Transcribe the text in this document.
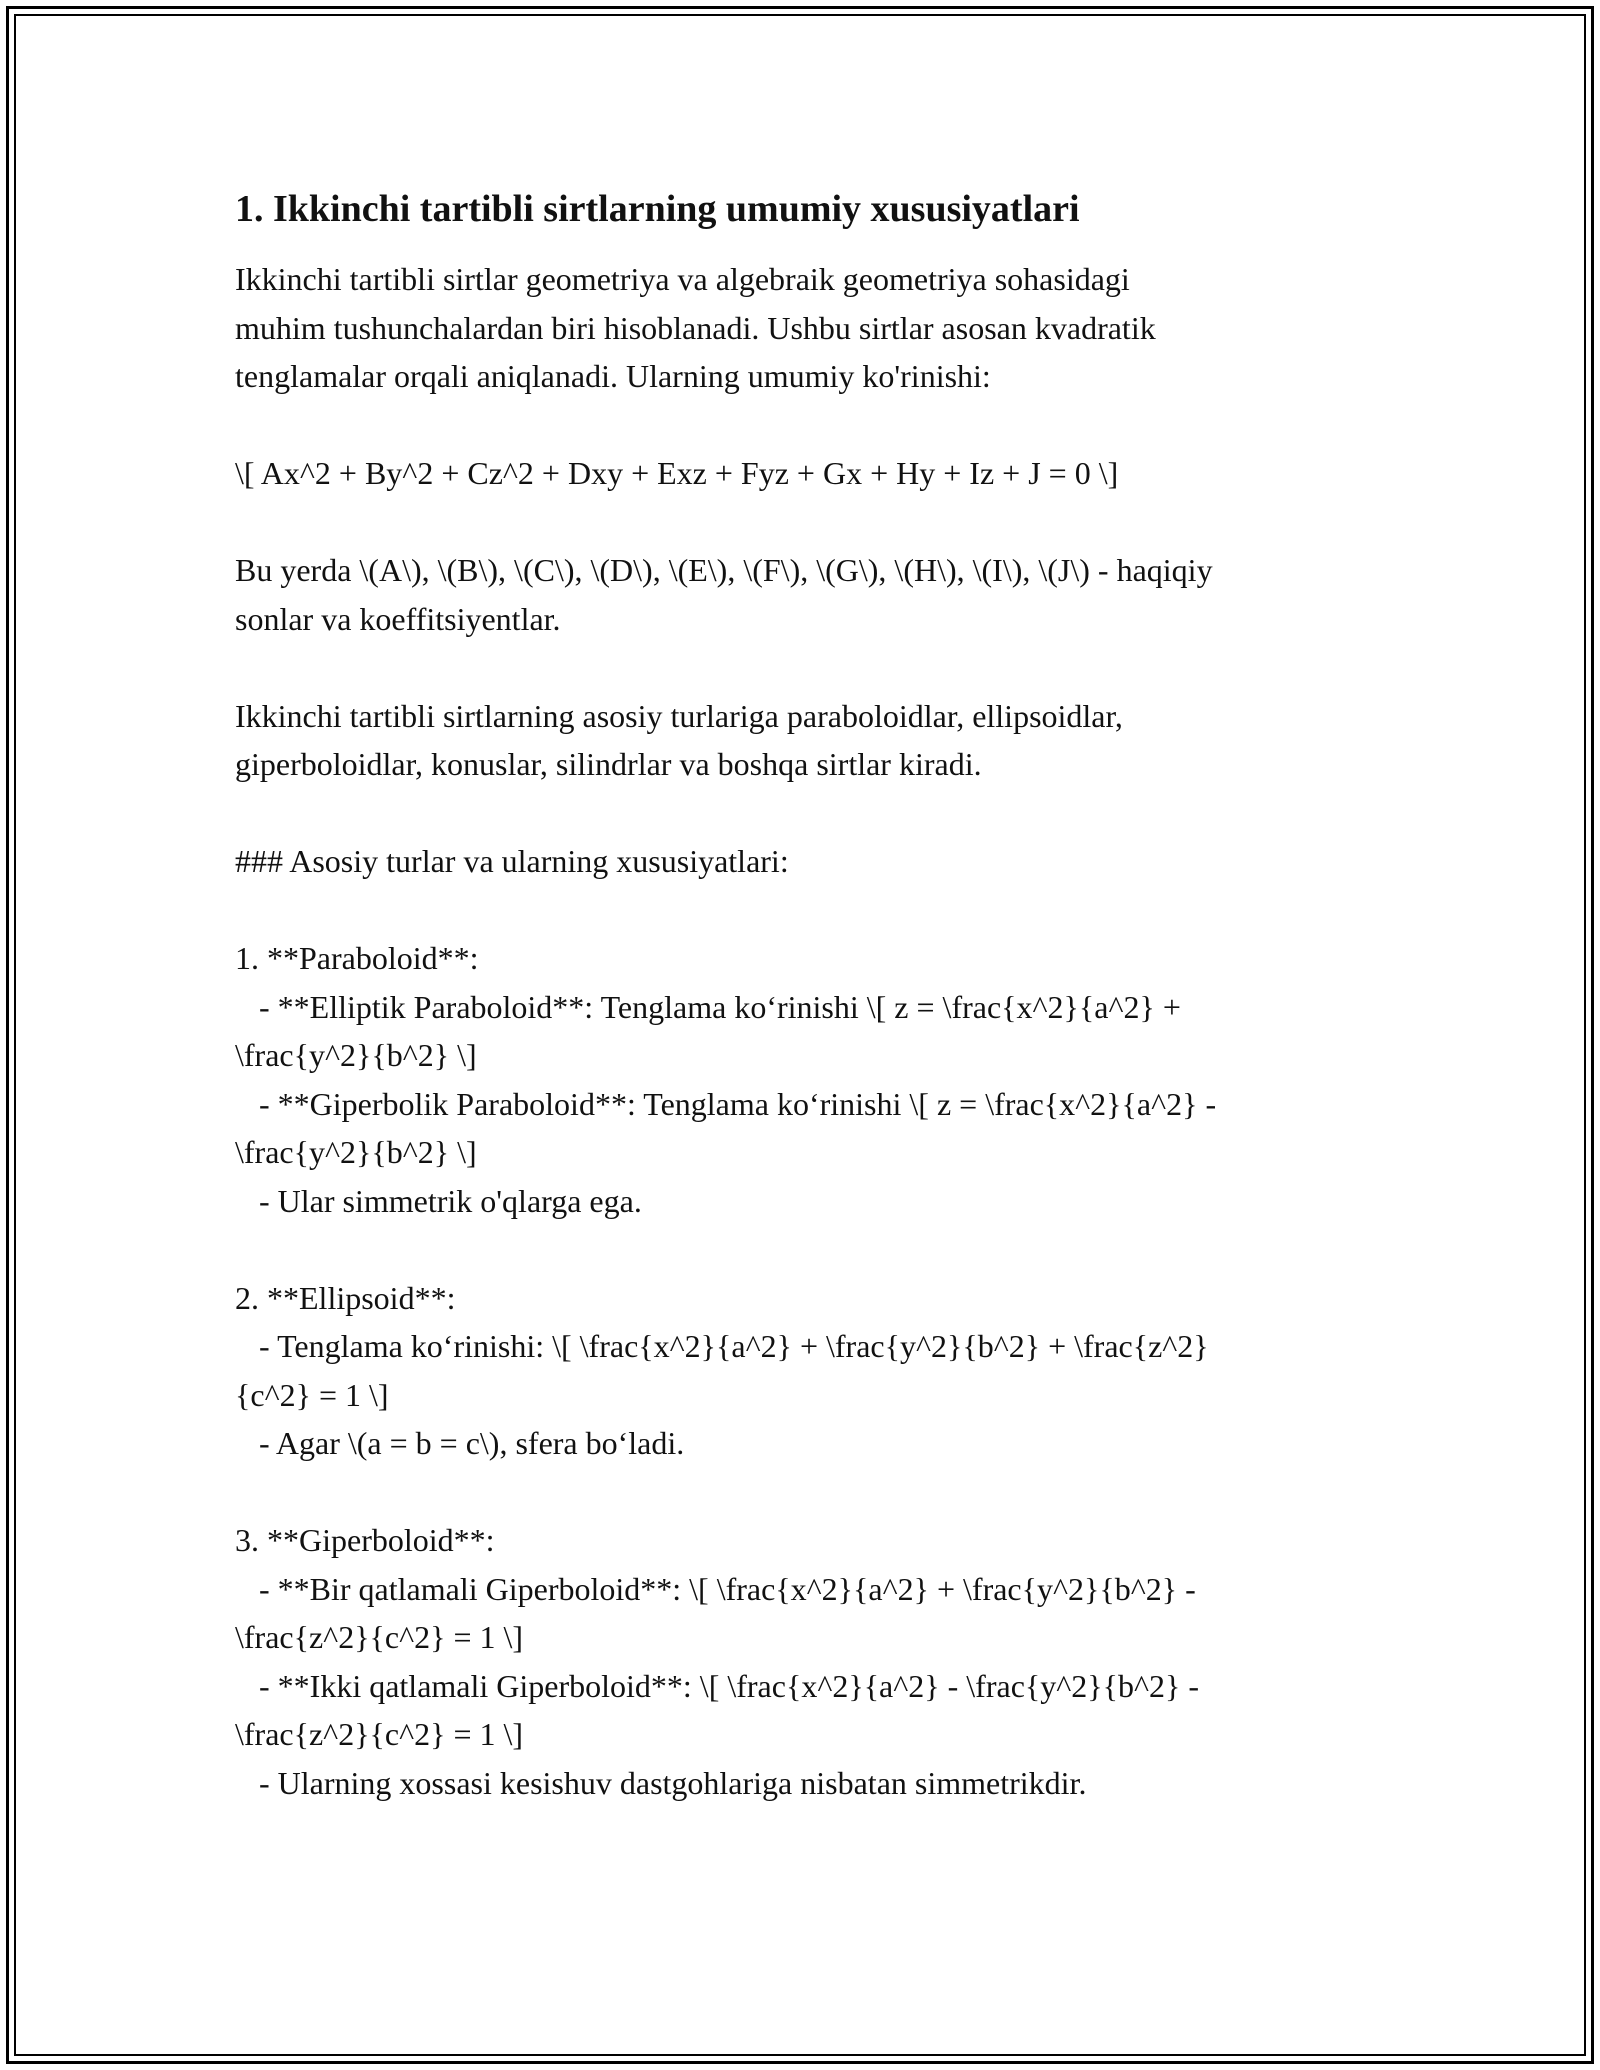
1. Ikkinchi tartibli sirtlarning umumiy xususiyatlari
Ikkinchi tartibli sirtlar geometriya va algebraik geometriya sohasidagi
muhim tushunchalardan biri hisoblanadi. Ushbu sirtlar asosan kvadratik
tenglamalar orqali aniqlanadi. Ularning umumiy ko'rinishi:

\[ Ax^2 + By^2 + Cz^2 + Dxy + Exz + Fyz + Gx + Hy + Iz + J = 0 \]

Bu yerda \(A\), \(B\), \(C\), \(D\), \(E\), \(F\), \(G\), \(H\), \(I\), \(J\) - haqiqiy
sonlar va koeffitsiyentlar.

Ikkinchi tartibli sirtlarning asosiy turlariga paraboloidlar, ellipsoidlar,
giperboloidlar, konuslar, silindrlar va boshqa sirtlar kiradi.

### Asosiy turlar va ularning xususiyatlari:

1. **Paraboloid**:
- **Elliptik Paraboloid**: Tenglama koʻrinishi \[ z = \frac{x^2}{a^2} +
\frac{y^2}{b^2} \]
- **Giperbolik Paraboloid**: Tenglama koʻrinishi \[ z = \frac{x^2}{a^2} -
\frac{y^2}{b^2} \]
- Ular simmetrik o'qlarga ega.

2. **Ellipsoid**:
- Tenglama koʻrinishi: \[ \frac{x^2}{a^2} + \frac{y^2}{b^2} + \frac{z^2}
{c^2} = 1 \]
- Agar \(a = b = c\), sfera boʻladi.

3. **Giperboloid**:
- **Bir qatlamali Giperboloid**: \[ \frac{x^2}{a^2} + \frac{y^2}{b^2} -
\frac{z^2}{c^2} = 1 \]
- **Ikki qatlamali Giperboloid**: \[ \frac{x^2}{a^2} - \frac{y^2}{b^2} -
\frac{z^2}{c^2} = 1 \]
- Ularning xossasi kesishuv dastgohlariga nisbatan simmetrikdir.
